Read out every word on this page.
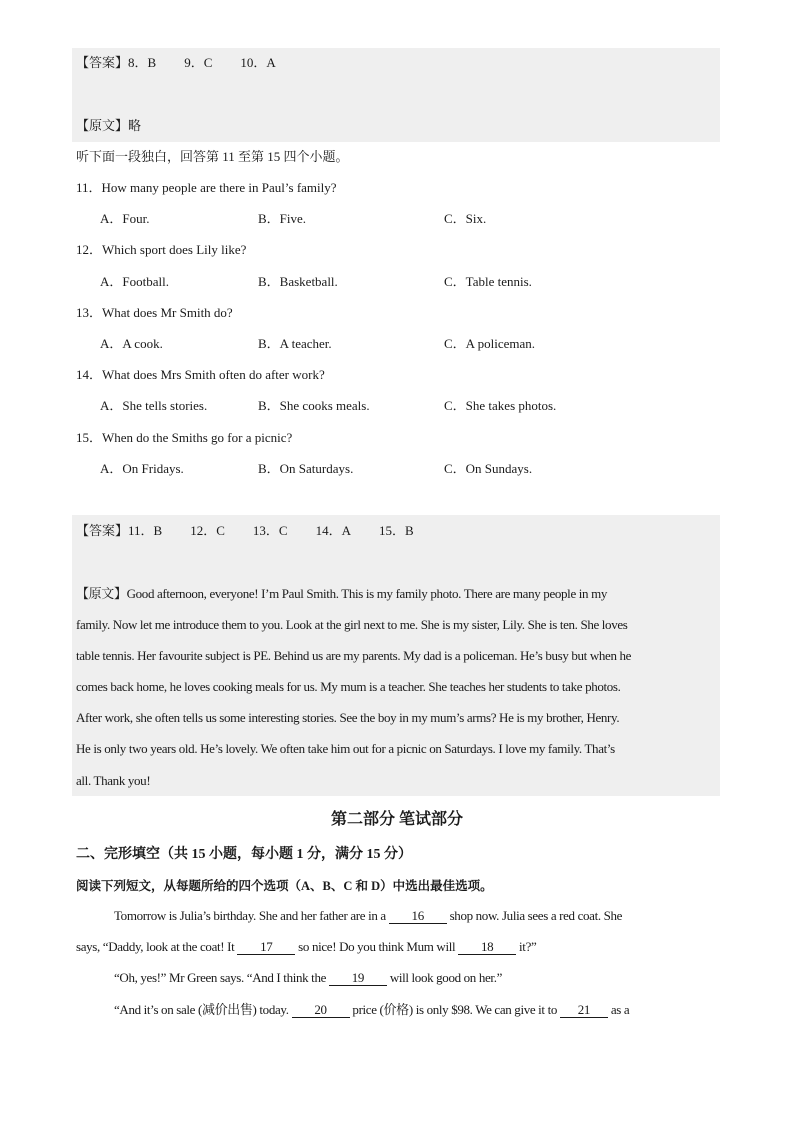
【答案】8．B 9．C 10．A
【原文】略
听下面一段独白，回答第 11 至第 15 四个小题。
11．How many people are there in Paul’s family?
A．Four.	B．Five.	C．Six.
12．Which sport does Lily like?
A．Football.	B．Basketball.	C．Table tennis.
13．What does Mr Smith do?
A．A cook.	B．A teacher.	C．A policeman.
14．What does Mrs Smith often do after work?
A．She tells stories.	B．She cooks meals.	C．She takes photos.
15．When do the Smiths go for a picnic?
A．On Fridays.	B．On Saturdays.	C．On Sundays.
【答案】11．B 12．C 13．C 14．A 15．B
【原文】Good afternoon, everyone! I’m Paul Smith. This is my family photo. There are many people in my
family. Now let me introduce them to you. Look at the girl next to me. She is my sister, Lily. She is ten. She loves
table tennis. Her favourite subject is PE. Behind us are my parents. My dad is a policeman. He’s busy but when he
comes back home, he loves cooking meals for us. My mum is a teacher. She teaches her students to take photos.
After work, she often tells us some interesting stories. See the boy in my mum’s arms? He is my brother, Henry.
He is only two years old. He’s lovely. We often take him out for a picnic on Saturdays. I love my family. That’s
all. Thank you!
第二部分 笔试部分
二、完形填空（共 15 小题，每小题 1 分，满分 15 分）
阅读下列短文，从每题所给的四个选项（A、B、C 和 D）中选出最佳选项。
Tomorrow is Julia’s birthday. She and her father are in a 16 shop now. Julia sees a red coat. She
says, “Daddy, look at the coat! It 17 so nice! Do you think Mum will 18 it?”
“Oh, yes!” Mr Green says. “And I think the 19 will look good on her.”
“And it’s on sale (减价出售) today. 20 price (价格) is only $98. We can give it to 21 as a
